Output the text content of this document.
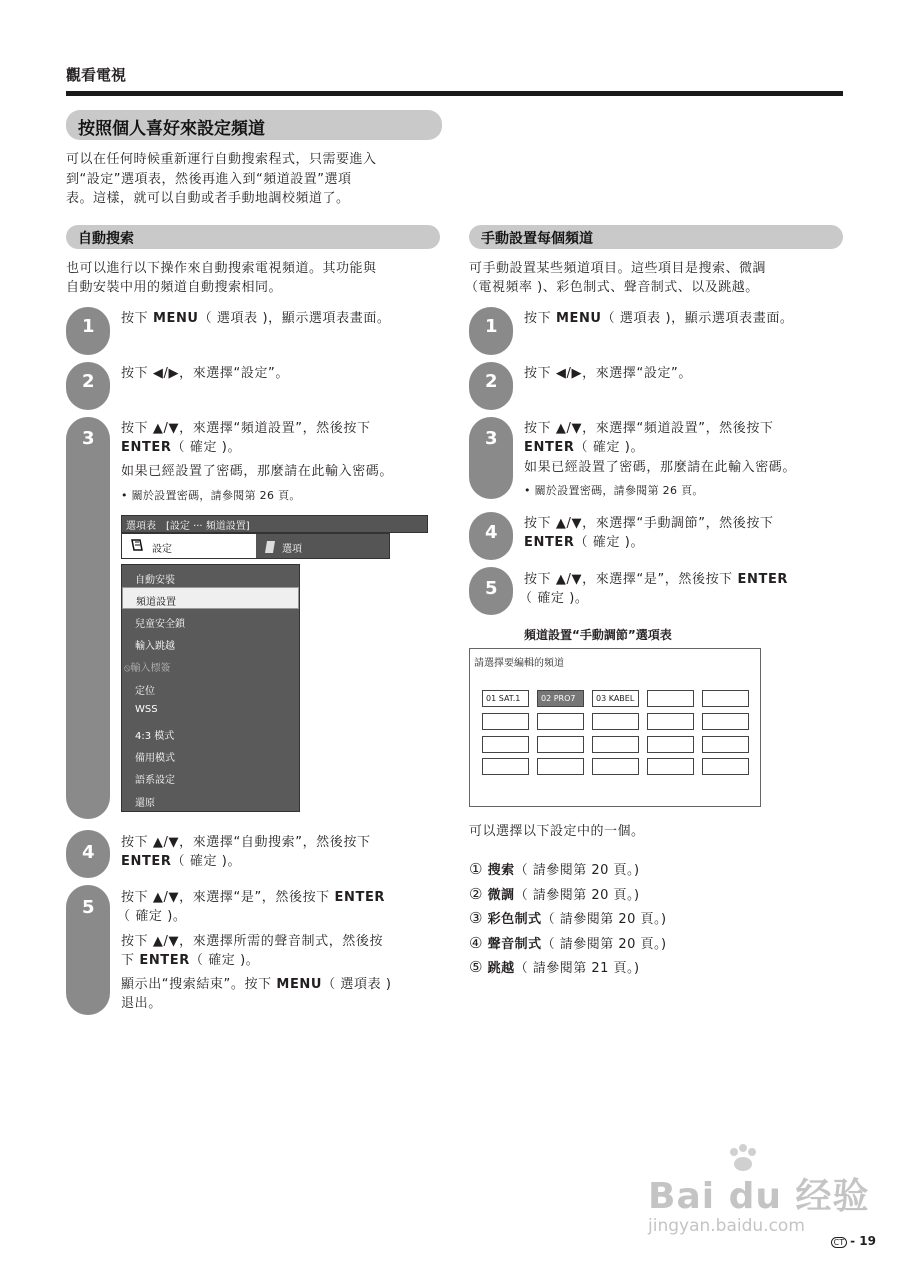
觀看電視
按照個人喜好來設定頻道
可以在任何時候重新運行自動搜索程式，只需要進入
到“設定”選項表，然後再進入到“頻道設置”選項
表。這樣，就可以自動或者手動地調校頻道了。
自動搜索
也可以進行以下操作來自動搜索電視頻道。其功能與
自動安裝中用的頻道自動搜索相同。
1 按下 MENU（ 選項表 )，顯示選項表畫面。
2 按下 ◀/▶，來選擇“設定”。
3 按下 ▲/▼，來選擇“頻道設置”，然後按下
ENTER（ 確定 )。
如果已經設置了密碼，那麼請在此輸入密碼。
• 關於設置密碼，請參閱第 26 頁。
選項表　[設定 ··· 頻道設置]
設定	選項
自動安裝
頻道設置
兒童安全鎖
輸入跳越
⦸輸入標簽
定位
WSS
4:3 模式
備用模式
語系設定
還原
4 按下 ▲/▼，來選擇“自動搜索”，然後按下
ENTER（ 確定 )。
5 按下 ▲/▼，來選擇“是”，然後按下 ENTER
（ 確定 )。
按下 ▲/▼，來選擇所需的聲音制式，然後按
下 ENTER（ 確定 )。
顯示出“搜索結束”。按下 MENU（ 選項表 )
退出。
手動設置每個頻道
可手動設置某些頻道項目。這些項目是搜索、微調
（電視頻率 )、彩色制式、聲音制式、以及跳越。
1 按下 MENU（ 選項表 )，顯示選項表畫面。
2 按下 ◀/▶，來選擇“設定”。
3 按下 ▲/▼，來選擇“頻道設置”，然後按下
ENTER（ 確定 )。
如果已經設置了密碼，那麼請在此輸入密碼。
• 關於設置密碼，請參閱第 26 頁。
4 按下 ▲/▼，來選擇“手動調節”，然後按下
ENTER（ 確定 )。
5 按下 ▲/▼，來選擇“是”，然後按下 ENTER
（ 確定 )。
頻道設置“手動調節”選項表
請選擇要編輯的頻道
01 SAT.1	02 PRO7	03 KABEL
可以選擇以下設定中的一個。
① 搜索（ 請參閱第 20 頁。)
② 微調（ 請參閱第 20 頁。)
③ 彩色制式（ 請參閱第 20 頁。)
④ 聲音制式（ 請參閱第 20 頁。)
⑤ 跳越（ 請參閱第 21 頁。)
Bai du 经验
jingyan.baidu.com
CT - 19
